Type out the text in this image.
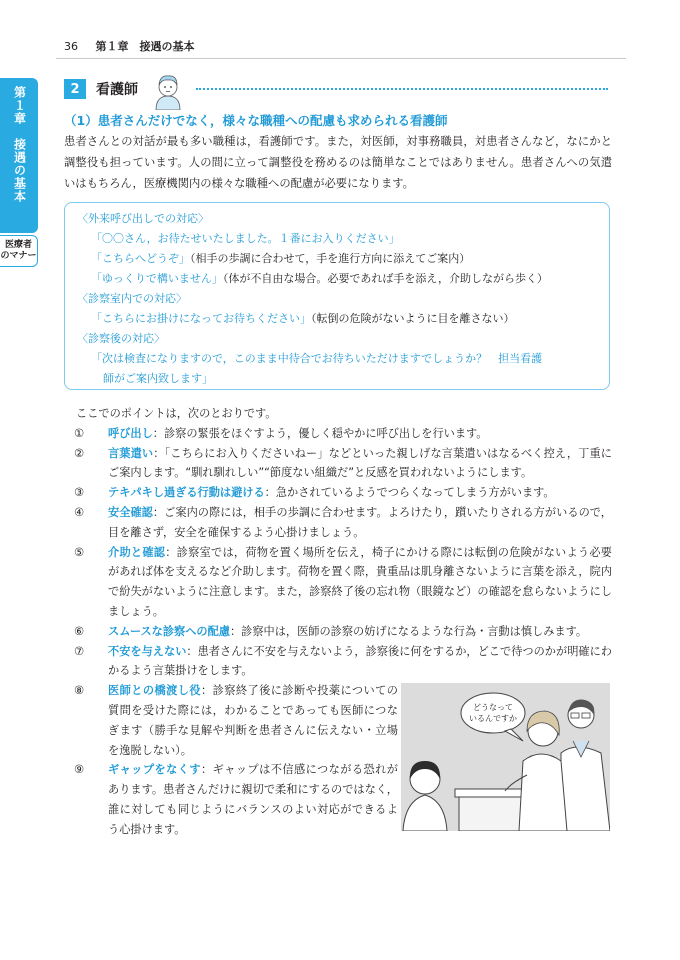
36 第１章　接遇の基本
第１章　接遇の基本
医療者
のマナー
2	看護師
（1）患者さんだけでなく，様々な職種への配慮も求められる看護師
患者さんとの対話が最も多い職種は，看護師です。また，対医師，対事務職員，対患者さんなど，なにかと調整役も担っています。人の間に立って調整役を務めるのは簡単なことではありません。患者さんへの気遣いはもちろん，医療機関内の様々な職種への配慮が必要になります。
〈外来呼び出しでの対応〉
「〇〇さん，お待たせいたしました。１番にお入りください」
「こちらへどうぞ」（相手の歩調に合わせて，手を進行方向に添えてご案内）
「ゆっくりで構いません」（体が不自由な場合。必要であれば手を添え，介助しながら歩く）
〈診察室内での対応〉
「こちらにお掛けになってお待ちください」（転倒の危険がないように目を離さない）
〈診察後の対応〉
「次は検査になりますので，このまま中待合でお待ちいただけますでしょうか？　担当看護
師がご案内致します」
ここでのポイントは，次のとおりです。
①	呼び出し：診察の緊張をほぐすよう，優しく穏やかに呼び出しを行います。
②	言葉遣い：「こちらにお入りくださいねー」などといった親しげな言葉遣いはなるべく控え，丁重にご案内します。“馴れ馴れしい”“節度ない組織だ”と反感を買われないようにします。
③	テキパキし過ぎる行動は避ける：急かされているようでつらくなってしまう方がいます。
④	安全確認：ご案内の際には，相手の歩調に合わせます。よろけたり，躓いたりされる方がいるので，目を離さず，安全を確保するよう心掛けましょう。
⑤	介助と確認：診察室では，荷物を置く場所を伝え，椅子にかける際には転倒の危険がないよう必要があれば体を支えるなど介助します。荷物を置く際，貴重品は肌身離さないように言葉を添え，院内で紛失がないように注意します。また，診察終了後の忘れ物（眼鏡など）の確認を怠らないようにしましょう。
⑥	スムースな診察への配慮：診察中は，医師の診察の妨げになるような行為・言動は慎しみます。
⑦	不安を与えない：患者さんに不安を与えないよう，診察後に何をするか，どこで待つのかが明確にわかるよう言葉掛けをします。
⑧	医師との橋渡し役：診察終了後に診断や投薬についての質問を受けた際には，わかることであっても医師につなぎます（勝手な見解や判断を患者さんに伝えない・立場を逸脱しない）。
⑨	ギャップをなくす：ギャップは不信感につながる恐れがあります。患者さんだけに親切で柔和にするのではなく，誰に対しても同じようにバランスのよい対応ができるよう心掛けます。
どうなって
いるんですか
